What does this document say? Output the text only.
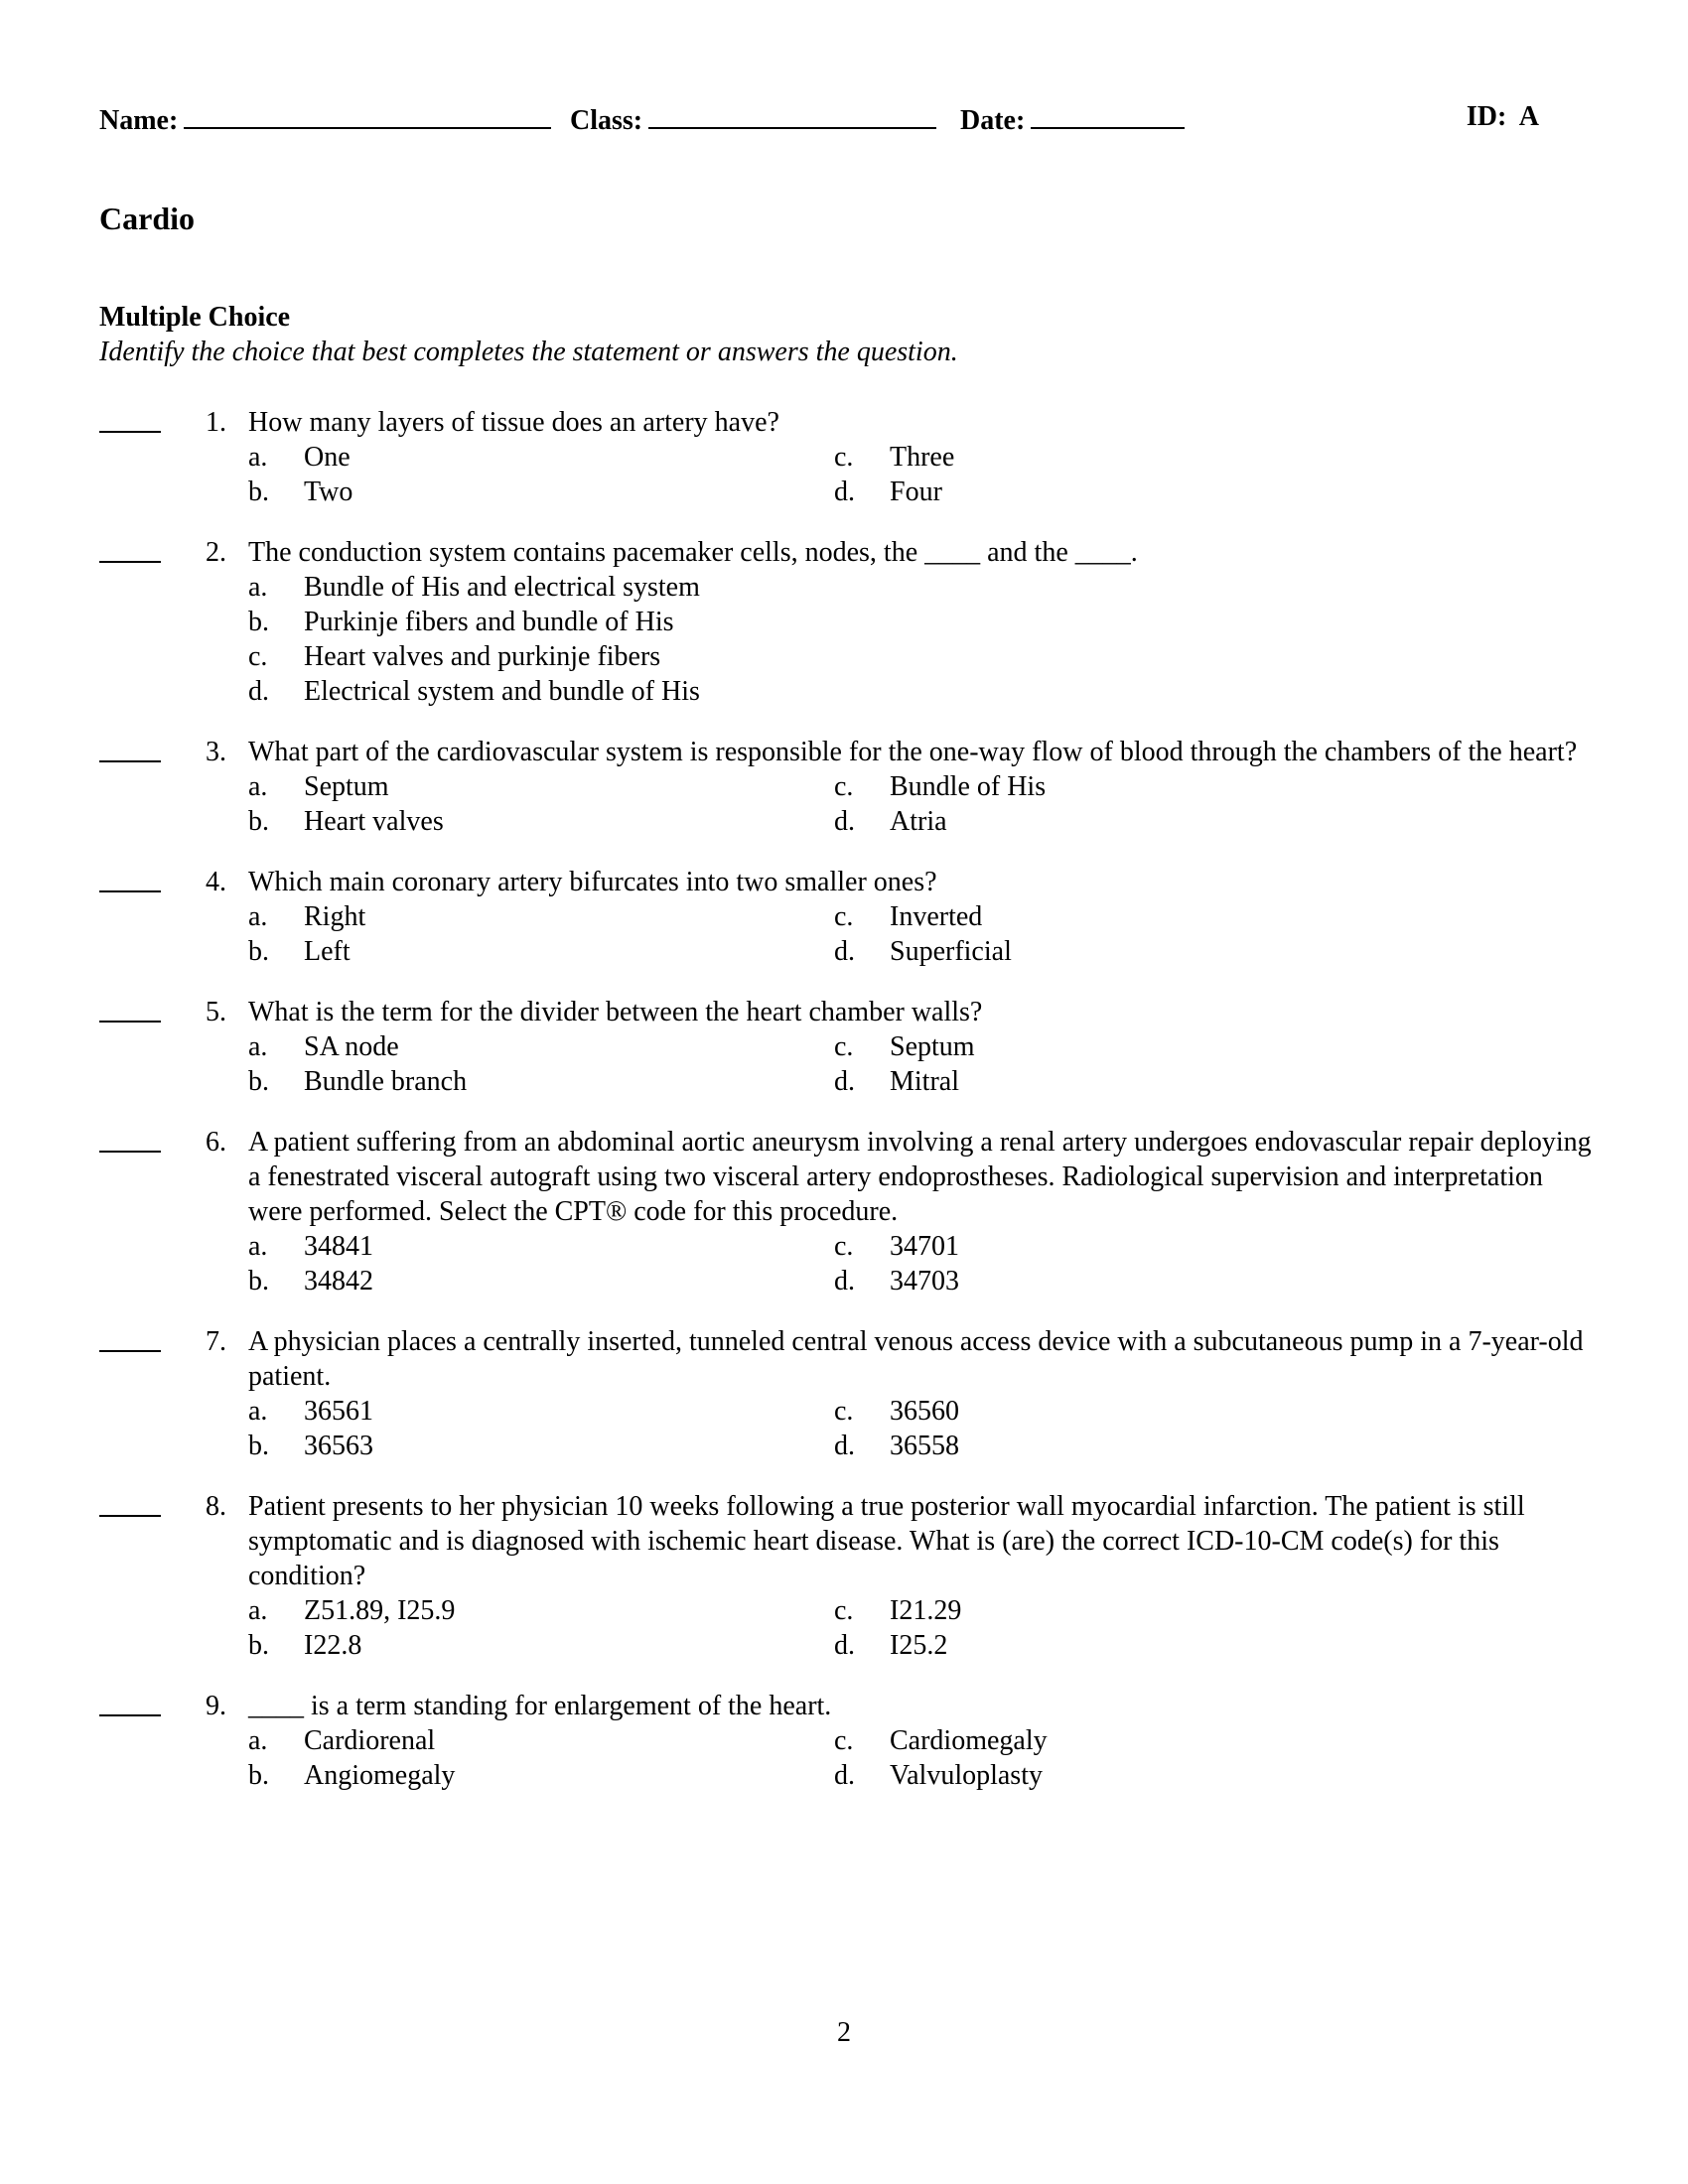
Name:	Class:	Date:	ID:  A
Cardio
Multiple Choice
Identify the choice that best completes the statement or answers the question.
1. How many layers of tissue does an artery have?
a. One	c. Three
b. Two	d. Four
2. The conduction system contains pacemaker cells, nodes, the ____ and the ____.
a. Bundle of His and electrical system
b. Purkinje fibers and bundle of His
c. Heart valves and purkinje fibers
d. Electrical system and bundle of His
3. What part of the cardiovascular system is responsible for the one-way flow of blood through the chambers of the heart?
a. Septum	c. Bundle of His
b. Heart valves	d. Atria
4. Which main coronary artery bifurcates into two smaller ones?
a. Right	c. Inverted
b. Left	d. Superficial
5. What is the term for the divider between the heart chamber walls?
a. SA node	c. Septum
b. Bundle branch	d. Mitral
6. A patient suffering from an abdominal aortic aneurysm involving a renal artery undergoes endovascular repair deploying a fenestrated visceral autograft using two visceral artery endoprostheses. Radiological supervision and interpretation were performed. Select the CPT® code for this procedure.
a. 34841	c. 34701
b. 34842	d. 34703
7. A physician places a centrally inserted, tunneled central venous access device with a subcutaneous pump in a 7-year-old patient.
a. 36561	c. 36560
b. 36563	d. 36558
8. Patient presents to her physician 10 weeks following a true posterior wall myocardial infarction. The patient is still symptomatic and is diagnosed with ischemic heart disease. What is (are) the correct ICD-10-CM code(s) for this condition?
a. Z51.89, I25.9	c. I21.29
b. I22.8	d. I25.2
9. ____ is a term standing for enlargement of the heart.
a. Cardiorenal	c. Cardiomegaly
b. Angiomegaly	d. Valvuloplasty
2
